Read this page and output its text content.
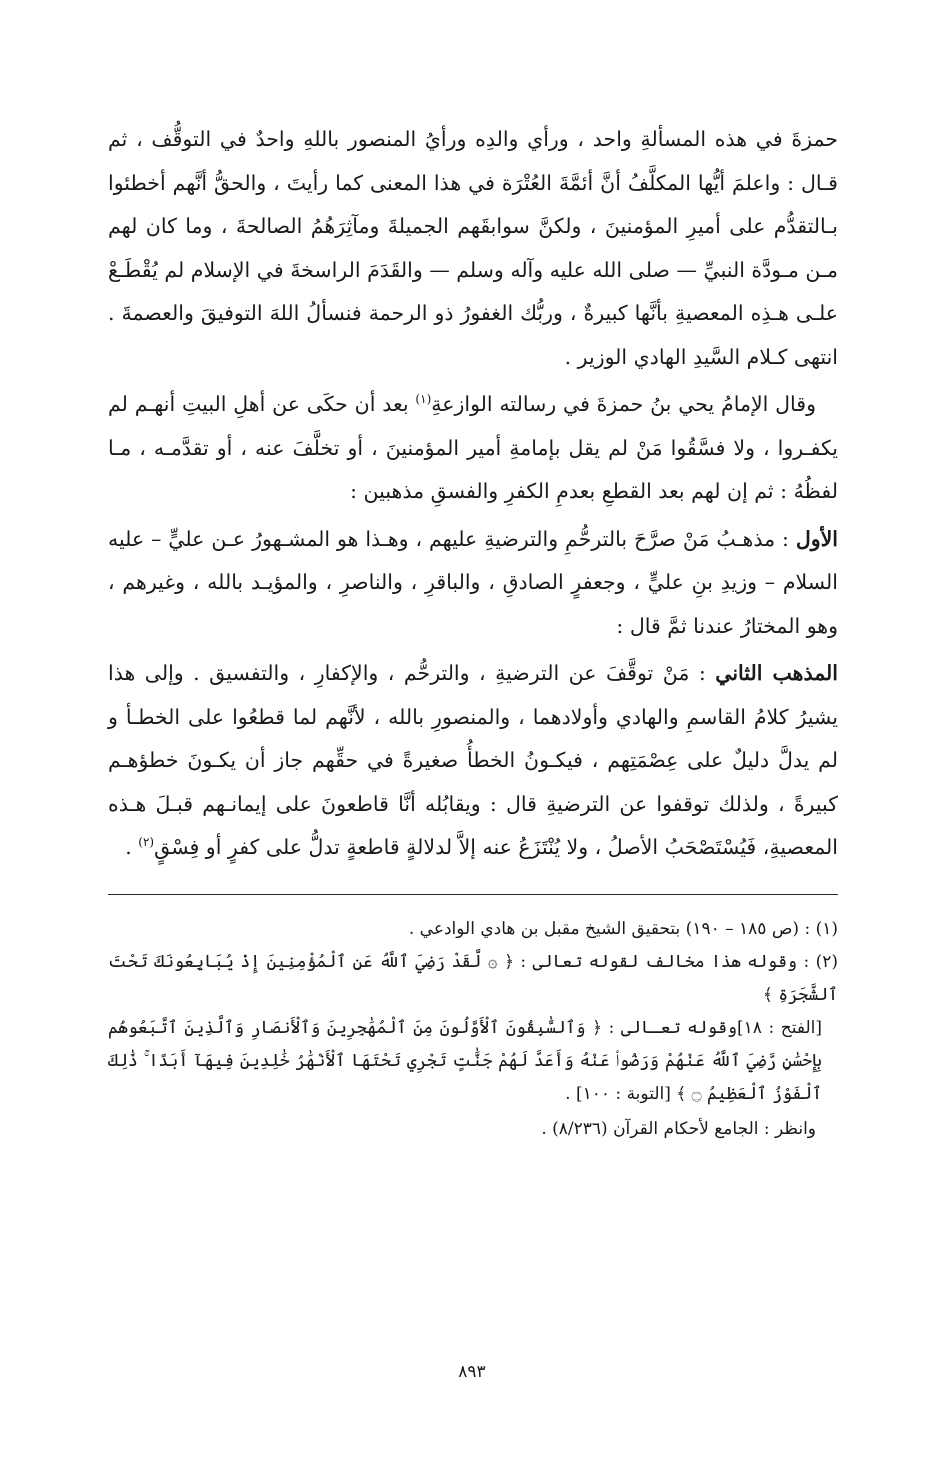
حمزةَ في هذه المسألةِ واحد ، ورأي والدِه ورأيُ المنصور باللهِ واحدٌ في التوقُّف ، ثم قـال : واعلمَ أيُّها المكلَّفُ أنَّ أئمَّةَ العُتْرَة في هذا المعنى كما رأيتَ ، والحقُّ أنَّهم أخطئوا بـالتقدُّم على أميرِ المؤمنينَ ، ولكنَّ سوابقَهم الجميلةَ ومآثِرَهُمُ الصالحةَ ، وما كان لهم مـن مـودَّة النبيِّ — صلى الله عليه وآله وسلم — والقَدَمَ الراسخةَ في الإسلام لم يُقْطَـعْ علـى هـذِه المعصيةِ بأنَّها كبيرةٌ ، وربُّك الغفورُ ذو الرحمة فنسألُ اللهَ التوفيقَ والعصمةَ . انتهى كـلام السَّيدِ الهادي الوزير .

وقال الإمامُ يحي بنُ حمزةَ في رسالته الوازعةِ$^{(١)}$ بعد أن حكَى عن أهلِ البيتِ أنهـم لم يكفـروا ، ولا فسَّقُوا مَنْ لم يقل بإمامةِ أمير المؤمنينَ ، أو تخلَّفَ عنه ، أو تقدَّمـه ، مـا لفظُهُ : ثم إن لهم بعد القطعِ بعدمِ الكفرِ والفسقِ مذهبين :

الأول : مذهـبُ مَنْ صرَّحَ بالترحُّمِ والترضيةِ عليهم ، وهـذا هو المشـهورُ عـن عليٍّ – عليه السلام – وزيدِ بنِ عليٍّ ، وجعفرٍ الصادقِ ، والباقرِ ، والناصرِ ، والمؤيـد بالله ، وغيرهم ، وهو المختارُ عندنا ثمَّ قال :

المذهب الثاني : مَنْ توقَّفَ عن الترضيةِ ، والترحُّم ، والإكفارِ ، والتفسيق . وإلى هذا يشيرُ كلامُ القاسمِ والهادي وأولادهما ، والمنصورِ بالله ، لأنَّهم لما قطعُوا على الخطـأ و لم يدلَّ دليلٌ على عِصْمَتِهم ، فيكـونُ الخطأُ صغيرةً في حقِّهم جاز أن يكـونَ خطؤهـم كبيرةً ، ولذلك توقفوا عن الترضيةِ قال : ويقابُله أنَّا قاطعونَ على إيمانـهم قبـلَ هـذه المعصيةِ، فَيُسْتَصْحَبُ الأصلُ ، ولا يُنْتَزَعُ عنه إلاَّ لدلالةٍ قاطعةٍ تدلُّ على كفرٍ أو فِسْقٍ$^{(٢)}$ .

(١) : (ص ١٨٥ – ١٩٠) بتحقيق الشيخ مقبل بن هادي الوادعي .

(٢) : وقوله هذا مخالف لقوله تعالى : ﴿ ۞ لَّقَدْ رَضِيَ ٱللَّهُ عَنِ ٱلْمُؤْمِنِينَ إِذْ يُبَايِعُونَكَ تَحْتَ ٱلشَّجَرَةِ ﴾
[الفتح : ١٨]وقوله تعـالى : ﴿ وَٱلسَّٰبِقُونَ ٱلْأَوَّلُونَ مِنَ ٱلْمُهَٰجِرِينَ وَٱلْأَنصَارِ وَٱلَّذِينَ ٱتَّبَعُوهُم بِإِحْسَٰنٍ رَّضِيَ ٱللَّهُ عَنْهُمْ وَرَضُوا۟ عَنْهُ وَأَعَدَّ لَهُمْ جَنَّٰتٍ تَجْرِي تَحْتَهَا ٱلْأَنْهَٰرُ خَٰلِدِينَ فِيهَآ أَبَدًا ۚ ذَٰلِكَ ٱلْفَوْزُ ٱلْعَظِيمُ ۝ ﴾ [التوبة : ١٠٠] .

وانظر : الجامع لأحكام القرآن (٨/٢٣٦) .

٨٩٣
